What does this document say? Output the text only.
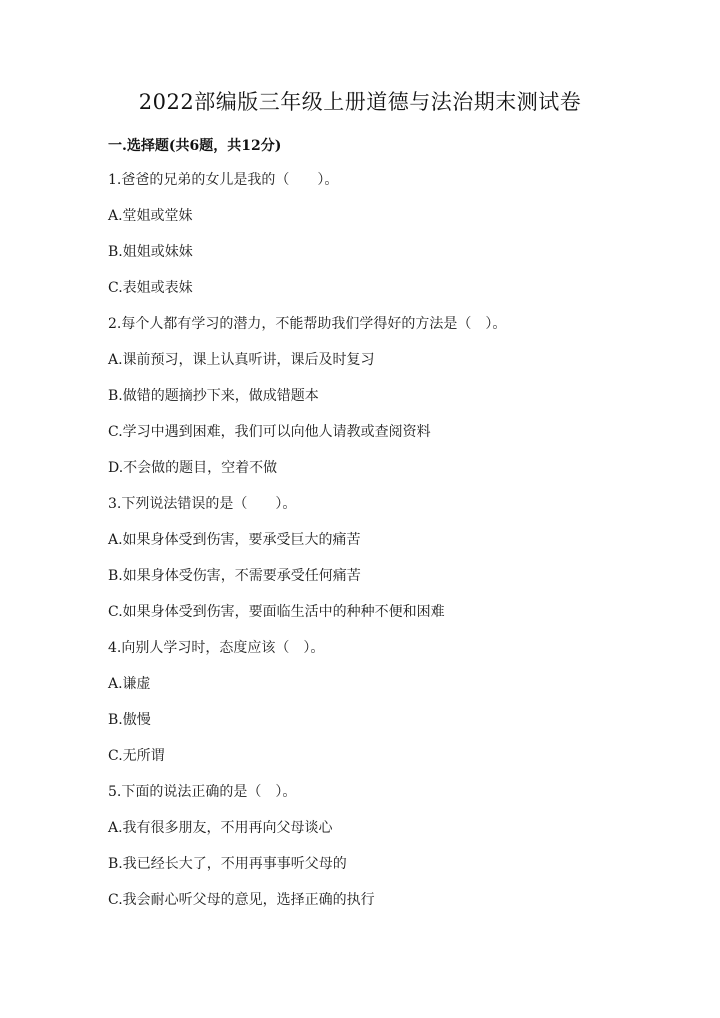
2022部编版三年级上册道德与法治期末测试卷
一.选择题(共6题，共12分)
1.爸爸的兄弟的女儿是我的（　　）。
A.堂姐或堂妹
B.姐姐或妹妹
C.表姐或表妹
2.每个人都有学习的潜力，不能帮助我们学得好的方法是（　）。
A.课前预习，课上认真听讲，课后及时复习
B.做错的题摘抄下来，做成错题本
C.学习中遇到困难，我们可以向他人请教或查阅资料
D.不会做的题目，空着不做
3.下列说法错误的是（　　）。
A.如果身体受到伤害，要承受巨大的痛苦
B.如果身体受伤害，不需要承受任何痛苦
C.如果身体受到伤害，要面临生活中的种种不便和困难
4.向别人学习时，态度应该（　）。
A.谦虚
B.傲慢
C.无所谓
5.下面的说法正确的是（　）。
A.我有很多朋友，不用再向父母谈心
B.我已经长大了，不用再事事听父母的
C.我会耐心听父母的意见，选择正确的执行
